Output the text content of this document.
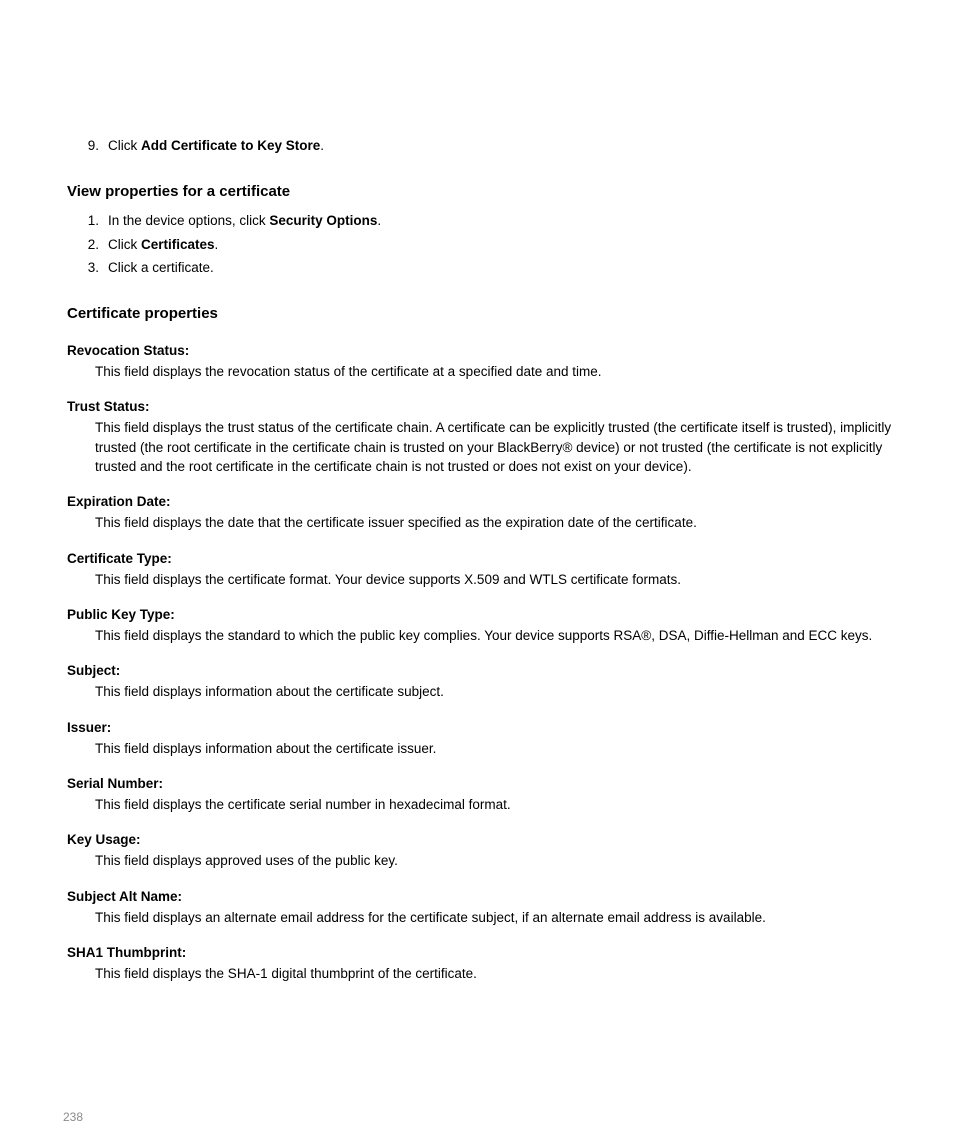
9. Click Add Certificate to Key Store.
View properties for a certificate
1. In the device options, click Security Options.
2. Click Certificates.
3. Click a certificate.
Certificate properties
Revocation Status:
This field displays the revocation status of the certificate at a specified date and time.
Trust Status:
This field displays the trust status of the certificate chain. A certificate can be explicitly trusted (the certificate itself is trusted), implicitly trusted (the root certificate in the certificate chain is trusted on your BlackBerry® device) or not trusted (the certificate is not explicitly trusted and the root certificate in the certificate chain is not trusted or does not exist on your device).
Expiration Date:
This field displays the date that the certificate issuer specified as the expiration date of the certificate.
Certificate Type:
This field displays the certificate format. Your device supports X.509 and WTLS certificate formats.
Public Key Type:
This field displays the standard to which the public key complies. Your device supports RSA®, DSA, Diffie-Hellman and ECC keys.
Subject:
This field displays information about the certificate subject.
Issuer:
This field displays information about the certificate issuer.
Serial Number:
This field displays the certificate serial number in hexadecimal format.
Key Usage:
This field displays approved uses of the public key.
Subject Alt Name:
This field displays an alternate email address for the certificate subject, if an alternate email address is available.
SHA1 Thumbprint:
This field displays the SHA-1 digital thumbprint of the certificate.
238
